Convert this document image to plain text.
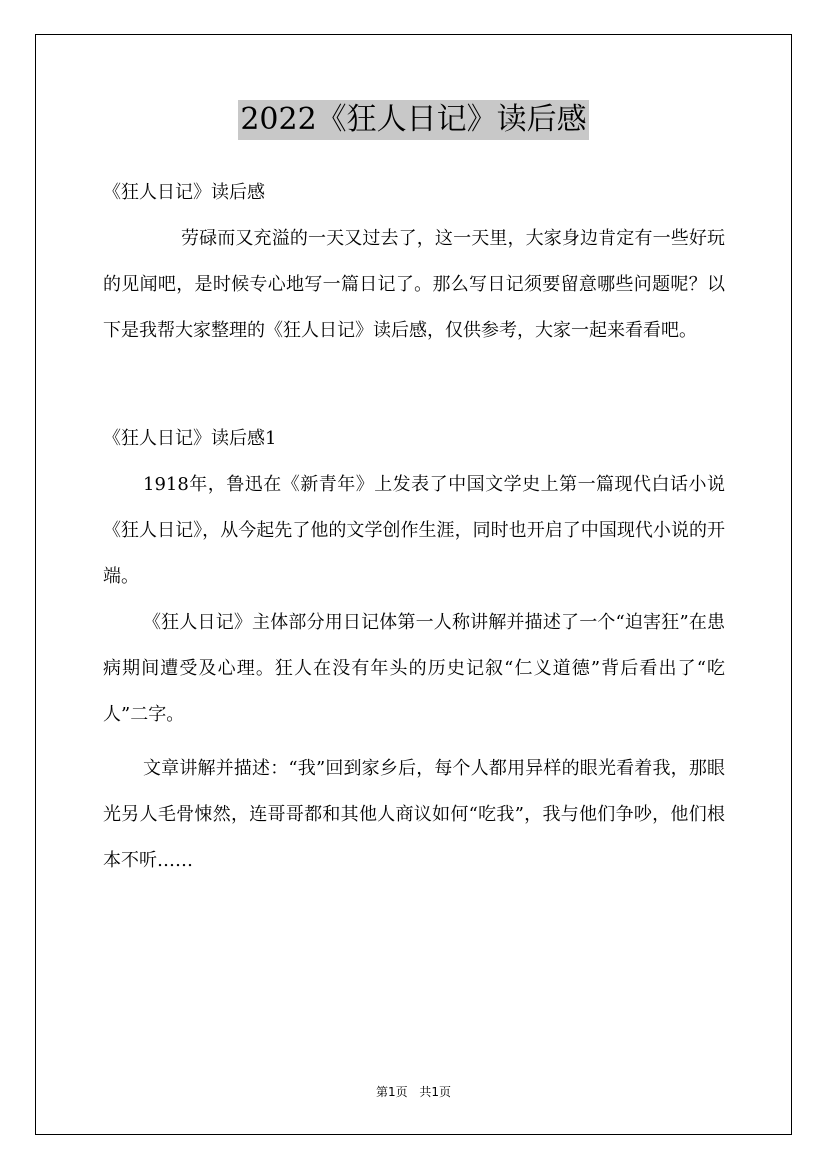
2022《狂人日记》读后感

《狂人日记》读后感

劳碌而又充溢的一天又过去了，这一天里，大家身边肯定有一些好玩的见闻吧，是时候专心地写一篇日记了。那么写日记须要留意哪些问题呢？以下是我帮大家整理的《狂人日记》读后感，仅供参考，大家一起来看看吧。

《狂人日记》读后感1

1918年，鲁迅在《新青年》上发表了中国文学史上第一篇现代白话小说《狂人日记》，从今起先了他的文学创作生涯，同时也开启了中国现代小说的开端。

《狂人日记》主体部分用日记体第一人称讲解并描述了一个“迫害狂”在患病期间遭受及心理。狂人在没有年头的历史记叙“仁义道德”背后看出了“吃人”二字。

文章讲解并描述：“我”回到家乡后，每个人都用异样的眼光看着我，那眼光另人毛骨悚然，连哥哥都和其他人商议如何“吃我”，我与他们争吵，他们根本不听……

第1页 共1页
